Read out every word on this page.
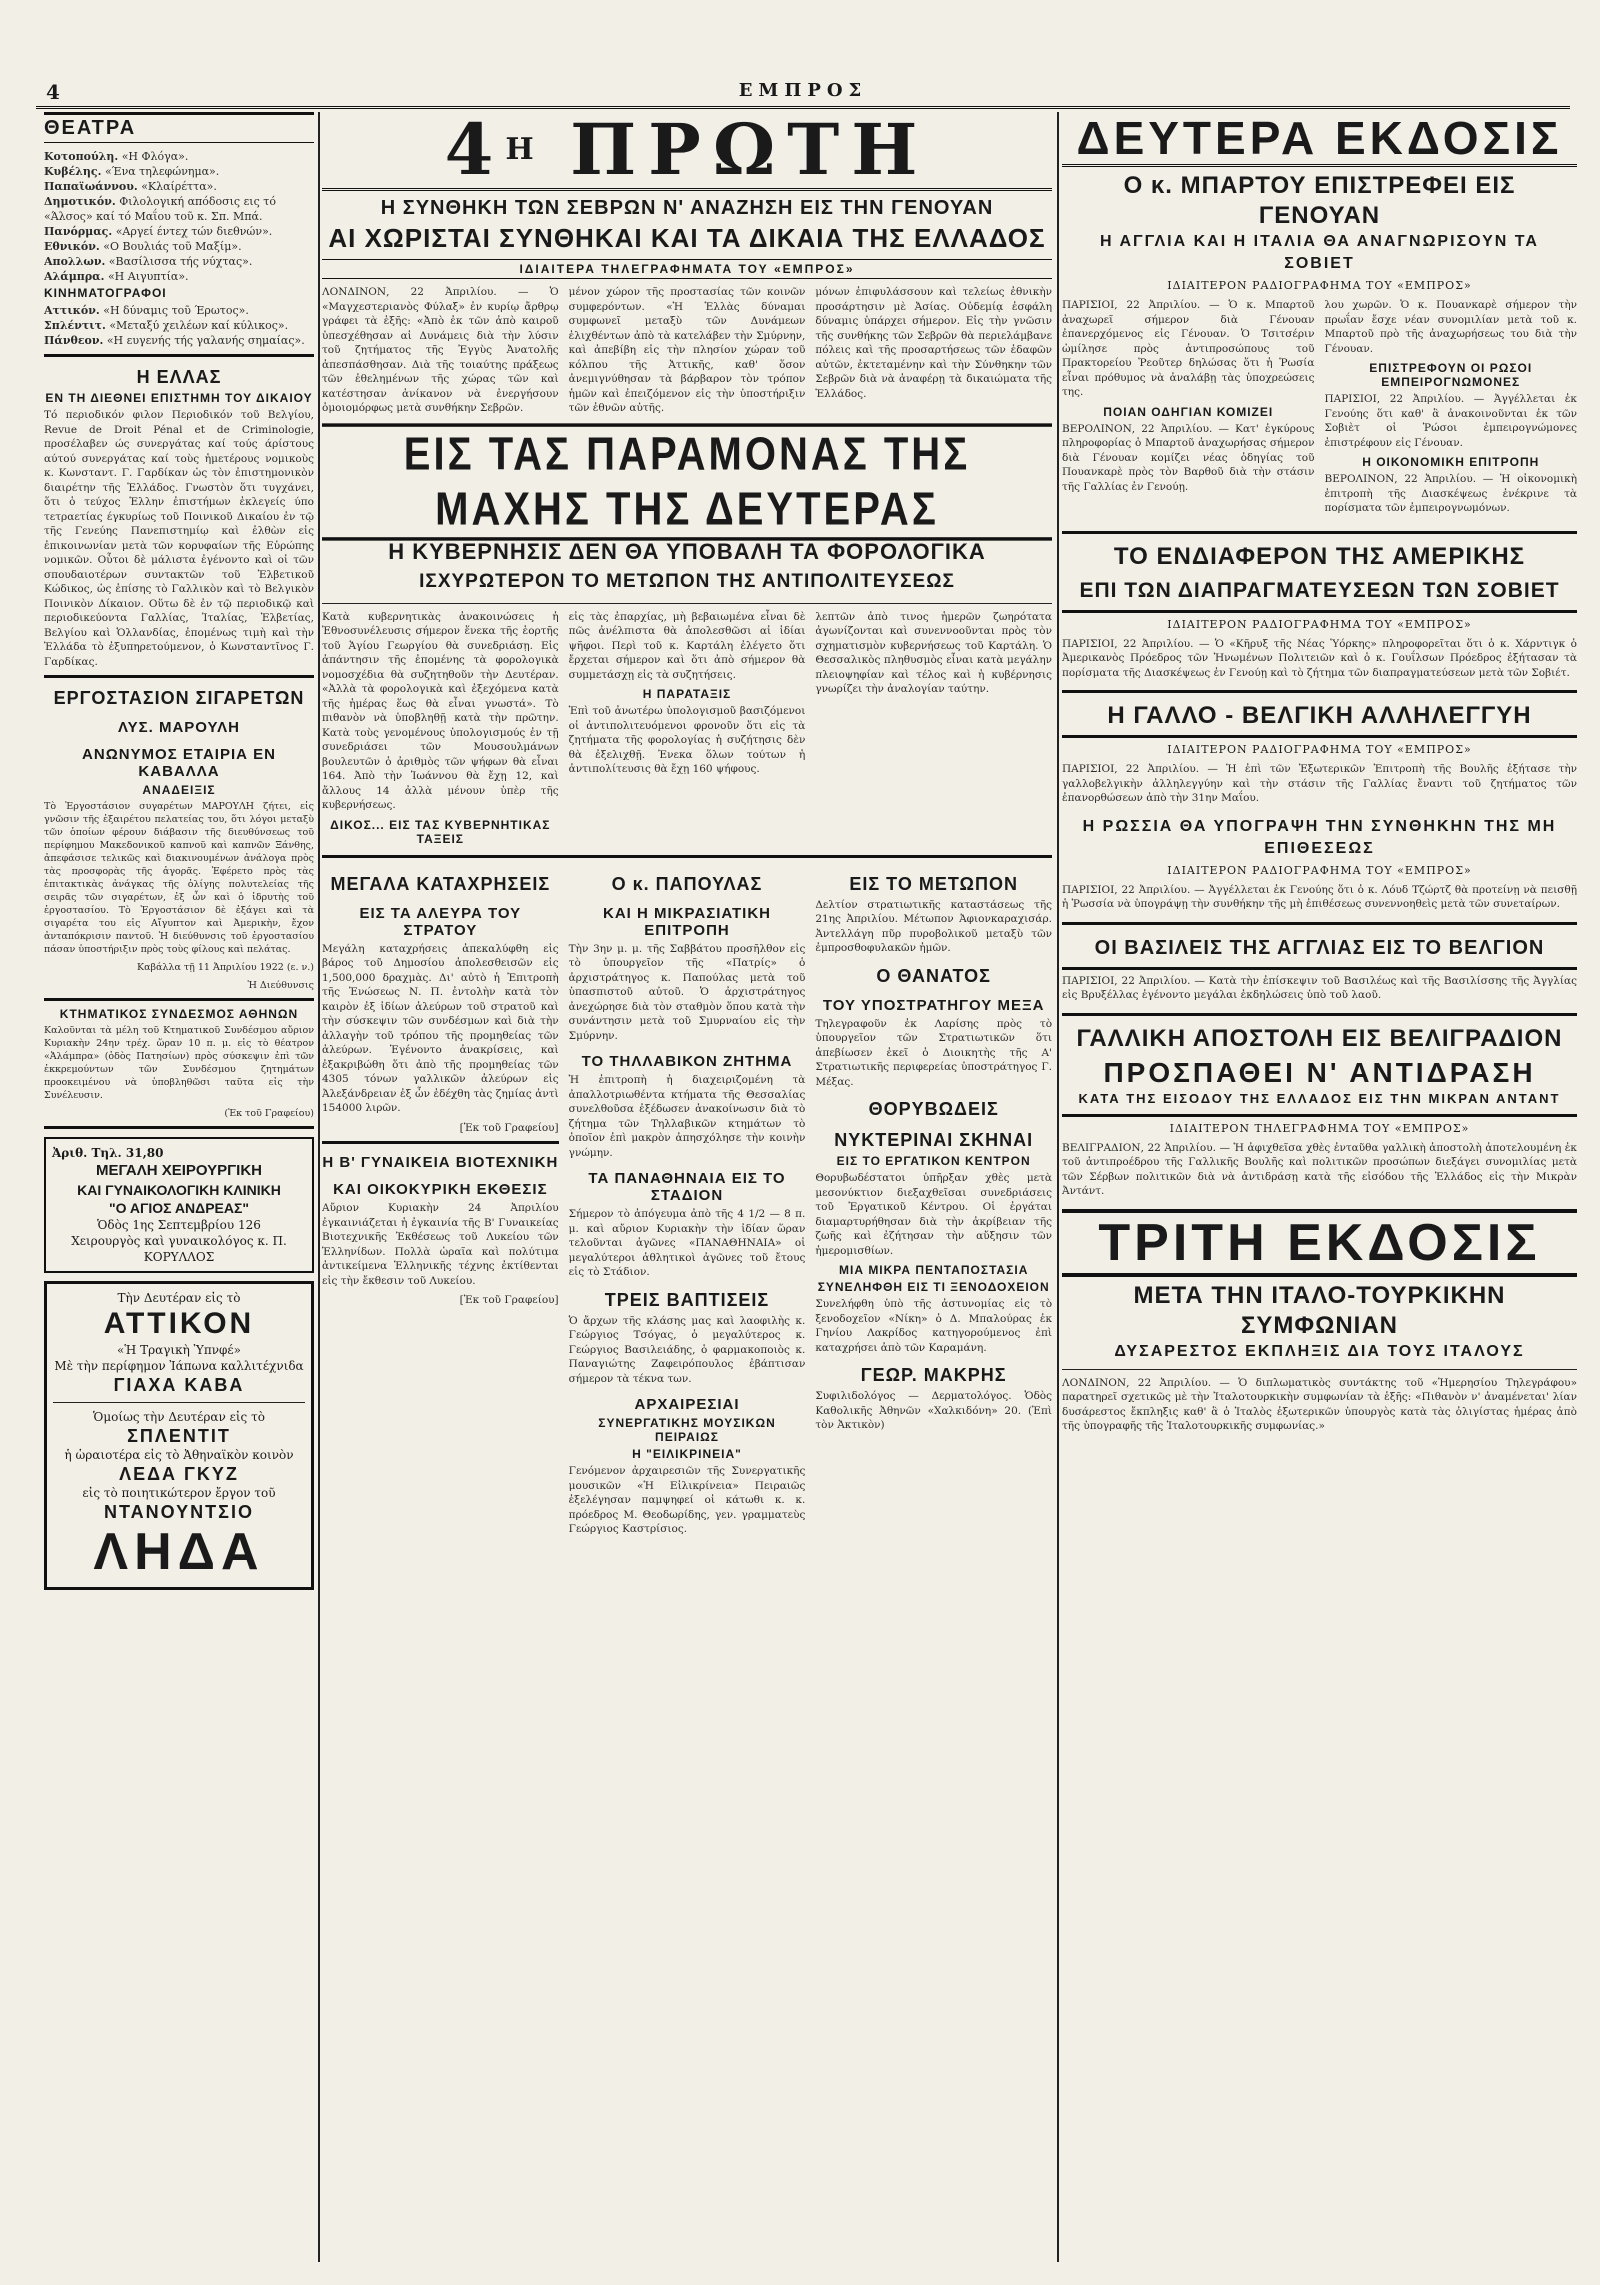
4	ΕΜΠΡΟΣ
ΘΕΑΤΡΑ
Κοτοπούλη. «Η Φλόγα».
Κυβέλης. «Ένα τηλεφώνημα».
Παπαϊωάννου. «Κλαίρέττα».
Δημοτικόν. Φιλολογική απόδοσις εις τό «Άλσος» καί τό Μαΐου τοῦ κ. Σπ. Μπά.
Πανόρμας. «Αργεί έντεχ τών διεθνών».
Εθνικόν. «Ο Βουλιάς τοῦ Μαξίμ».
Απολλων. «Βασίλισσα τής νύχτας».
Αλάμπρα. «Η Αιγυπτία».
ΚΙΝΗΜΑΤΟΓΡΑΦΟΙ
Αττικόν. «Η δύναμις τοῦ Έρωτος».
Σπλέντιτ. «Μεταξύ χειλέων καί κύλικος».
Πάνθεον. «Η ευγενής τής γαλανής σημαίας».
Η ΕΛΛΑΣ
ΕΝ ΤΗ ΔΙΕΘΝΕΙ ΕΠΙΣΤΗΜΗ ΤΟΥ ΔΙΚΑΙΟΥ

Τό περιοδικόν φιλον Περιοδικόν τοῦ Βελγίου, Revue de Droit Pénal et de Criminologie, προσέλαβεν ώς συνεργάτας καί τούς άρίστους αύτού συνεργάτας καί τοὺς ἡμετέρους νομικοὺς κ. Κωνσταντ. Γ. Γαρδίκαν ὡς τὸν ἐπιστημονικὸν διαιρέτην τῆς Ἑλλάδος. Γνωστὸν ὅτι τυγχάνει, ὅτι ὁ τεύχος Ἑλλην ἐπιστήμων ἐκλεγείς ύπο τετραετίας έγκυρίως τοῦ Ποινικοῦ Δικαίου ἐν τῷ τῆς Γενεύης Πανεπιστημίῳ καὶ ἐλθὼν εἰς ἐπικοινωνίαν μετὰ τῶν κορυφαίων τῆς Εὐρώπης νομικῶν. Οὗτοι δὲ μάλιστα ἐγένοντο καὶ οἱ τῶν σπουδαιοτέρων συντακτῶν τοῦ Ἑλβετικοῦ Κώδικος, ὡς ἐπίσης τὸ Γαλλικὸν καὶ τὸ Βελγικὸν Ποινικὸν Δίκαιον. Οὕτω δὲ ἐν τῷ περιοδικῷ καὶ περιοδικεύοντα Γαλλίας, Ἰταλίας, Ἑλβετίας, Βελγίου καὶ Ὁλλανδίας, ἐπομένως τιμὴ καὶ τὴν Ἑλλάδα τὸ ἐξυπηρετούμενον, ὁ Κωνσταντῖνος Γ. Γαρδίκας.

ΕΡΓΟΣΤΑΣΙΟΝ ΣΙΓΑΡΕΤΩΝ
ΛΥΣ. ΜΑΡΟΥΛΗ
ΑΝΩΝΥΜΟΣ ΕΤΑΙΡΙΑ ΕΝ ΚΑΒΑΛΛΑ
ΑΝΑΔΕΙΞΙΣ

Τὸ Ἐργοστάσιον συγαρέτων ΜΑΡΟΥΛΗ ζήτει, εἰς γνῶσιν τῆς ἐξαιρέτου πελατείας του, ὅτι λόγοι μεταξὺ τῶν ὁποίων φέρουν διάβασιν τῆς διευθύνσεως τοῦ περίφημου Μακεδονικοῦ καπνοῦ καὶ καπνῶν Ξάνθης, ἀπεφάσισε τελικῶς καὶ διακινουμένων ἀνάλογα πρὸς τὰς προσφορὰς τῆς ἀγορᾶς. Ἐφέρετο πρὸς τὰς ἐπιτακτικὰς ἀνάγκας τῆς ὀλίγης πολυτελείας τῆς σειρᾶς τῶν σιγαρέτων, ἐξ ὧν καὶ ὁ ἱδρυτὴς τοῦ ἐργοστασίου. Τὸ Ἐργοστάσιον δὲ ἐξάγει καὶ τὰ σιγαρέτα του εἰς Αἴγυπτον καὶ Ἀμερικὴν, ἔχον ἀνταπόκρισιν παντοῦ. Ἡ διεύθυνσις τοῦ ἐργοστασίου πάσαν ὑποστήριξιν πρὸς τοὺς φίλους καὶ πελάτας.

Καβάλλα τῇ 11 Ἀπριλίου 1922 (ε. ν.)

Ἡ Διεύθυνσις

ΚΤΗΜΑΤΙΚΟΣ ΣΥΝΔΕΣΜΟΣ ΑΘΗΝΩΝ

Καλοῦνται τὰ μέλη τοῦ Κτηματικοῦ Συνδέσμου αὔριον Κυριακὴν 24ην τρέχ. ὥραν 10 π. μ. εἰς τὸ θέατρον «Ἀλάμπρα» (ὁδὸς Πατησίων) πρὸς σύσκεψιν ἐπὶ τῶν ἐκκρεμούντων τῶν Συνδέσμου ζητημάτων προοκειμένου νὰ ὑποβληθῶσι ταῦτα εἰς τὴν Συνέλευσιν.

(Ἐκ τοῦ Γραφείου)

Ἀριθ. Τηλ. 31,80
ΜΕΓΑΛΗ ΧΕΙΡΟΥΡΓΙΚΗ
ΚΑΙ ΓΥΝΑΙΚΟΛΟΓΙΚΗ ΚΛΙΝΙΚΗ
"Ο ΑΓΙΟΣ ΑΝΔΡΕΑΣ"
Ὁδὸς 1ης Σεπτεμβρίου 126
Χειρουργὸς καὶ γυναικολόγος κ. Π. ΚΟΡΥΛΛΟΣ
Τὴν Δευτέραν εἰς τὸ
ΑΤΤΙΚΟΝ
«Ἡ Τραγικὴ Ὑπνφέ»
Μὲ τὴν περίφημον Ἰάπωνα καλλιτέχνιδα
ΓΙΑΧΑ ΚΑΒΑ
Ὁμοίως τὴν Δευτέραν εἰς τὸ
ΣΠΛΕΝΤΙΤ
ἡ ὡραιοτέρα εἰς τὸ Ἀθηναϊκὸν κοινὸν
ΛΕΔΑ ΓΚΥΖ
εἰς τὸ ποιητικώτερον ἔργον τοῦ
ΝΤΑΝΟΥΝΤΣΙΟ
ΛΗΔΑ
$4^H$ ΠΡΩΤΗ
Η ΣΥΝΘΗΚΗ ΤΩΝ ΣΕΒΡΩΝ Ν' ΑΝΑΖΗΣΗ ΕΙΣ ΤΗΝ ΓΕΝΟΥΑΝ
ΑΙ ΧΩΡΙΣΤΑΙ ΣΥΝΘΗΚΑΙ ΚΑΙ ΤΑ ΔΙΚΑΙΑ ΤΗΣ ΕΛΛΑΔΟΣ
ΙΔΙΑΙΤΕΡΑ ΤΗΛΕΓΡΑΦΗΜΑΤΑ ΤΟΥ «ΕΜΠΡΟΣ»

ΛΟΝΔΙΝΟΝ, 22 Ἀπριλίου. — Ὁ «Μαγχεστεριανὸς Φύλαξ» ἐν κυρίῳ ἄρθρῳ γράφει τὰ ἑξῆς: «Ἀπὸ ἐκ τῶν ἀπὸ καιροῦ ὑπεσχέθησαν αἱ Δυνάμεις διὰ τὴν λύσιν τοῦ ζητήματος τῆς Ἐγγὺς Ἀνατολῆς ἀπεσπάσθησαν. Διὰ τῆς τοιαύτης πράξεως τῶν ἐθελημένων τῆς χώρας τῶν καὶ κατέστησαν ἀνίκανον νὰ ἐνεργήσουν ὁμοιομόρφως μετὰ συνθήκην Σεβρῶν.

μένον χώρον τῆς προστασίας τῶν κοινῶν συμφερόντων. «Ἡ Ἑλλὰς δύναμαι συμφωνεῖ μεταξὺ τῶν Δυνάμεων ἐλιχθέντων ἀπὸ τὰ κατελάβεν τὴν Σμύρνην, καὶ ἀπεβίβη εἰς τὴν πλησίον χώραν τοῦ κόλπου τῆς Ἀττικῆς, καθ' ὅσον ἀνεμιγνύθησαν τὰ βάρβαρον τὸν τρόπον ἡμῶν καὶ ἐπειζόμενον εἰς τὴν ὑποστήριξιν τῶν ἐθνῶν αὐτῆς.

μόνων ἐπιφυλάσσουν καὶ τελείως ἐθνικὴν προσάρτησιν μὲ Ἀσίας. Οὐδεμίᾳ ἐσφάλη δύναμις ὑπάρχει σήμερον. Εἰς τὴν γνῶσιν τῆς συνθήκης τῶν Σεβρῶν θὰ περιελάμβανε πόλεις καὶ τῆς προσαρτήσεως τῶν ἐδαφῶν αὐτῶν, ἐκτεταμένην καὶ τὴν Σύνθηκην τῶν Σεβρῶν διὰ νὰ ἀναφέρῃ τὰ δικαιώματα τῆς Ἑλλάδος.

ΕΙΣ ΤΑΣ ΠΑΡΑΜΟΝΑΣ ΤΗΣ ΜΑΧΗΣ ΤΗΣ ΔΕΥΤΕΡΑΣ
Η ΚΥΒΕΡΝΗΣΙΣ ΔΕΝ ΘΑ ΥΠΟΒΑΛΗ ΤΑ ΦΟΡΟΛΟΓΙΚΑ
ΙΣΧΥΡΩΤΕΡΟΝ ΤΟ ΜΕΤΩΠΟΝ ΤΗΣ ΑΝΤΙΠΟΛΙΤΕΥΣΕΩΣ

Κατὰ κυβερνητικὰς ἀνακοινώσεις ἡ Ἐθνοσυνέλευσις σήμερον ἕνεκα τῆς ἑορτῆς τοῦ Ἁγίου Γεωργίου θὰ συνεδριάσῃ. Εἰς ἀπάντησιν τῆς ἐπομένης τὰ φορολογικὰ νομοσχέδια θὰ συζητηθοῦν τὴν Δευτέραν. «Ἀλλὰ τὰ φορολογικὰ καὶ ἐξεχόμενα κατὰ τῆς ἡμέρας ἕως θὰ εἶναι γνωστά». Τὸ πιθανὸν νὰ ὑποβληθῇ κατὰ τὴν πρῶτην. Κατὰ τοὺς γενομένους ὑπολογισμούς ἐν τῇ συνεδριάσει τῶν Μουσουλμάνων βουλευτῶν ὁ ἀριθμὸς τῶν ψήφων θὰ εἶναι 164. Ἀπὸ τὴν Ἰωάννου θὰ ἔχῃ 12, καὶ ἄλλους 14 ἀλλὰ μένουν ὑπὲρ τῆς κυβερνήσεως.

ΔΙΚΟΣ... ΕΙΣ ΤΑΣ ΚΥΒΕΡΝΗΤΙΚΑΣ ΤΑΞΕΙΣ

εἰς τὰς ἐπαρχίας, μὴ βεβαιωμένα εἶναι δὲ πῶς ἀνέλπιστα θὰ ἀπολεσθῶσι αἱ ἰδίαι ψῆφοι. Περὶ τοῦ κ. Καρτάλη ἐλέγετο ὅτι ἔρχεται σήμερον καὶ ὅτι ἀπὸ σήμερον θὰ συμμετάσχῃ εἰς τὰ συζητήσεις.

Η ΠΑΡΑΤΑΞΙΣ

Ἐπὶ τοῦ ἀνωτέρω ὑπολογισμοῦ βασιζόμενοι οἱ ἀντιπολιτευόμενοι φρονοῦν ὅτι εἰς τὰ ζητήματα τῆς φορολογίας ἡ συζήτησις δὲν θὰ ἐξελιχθῇ. Ἐνεκα ὅλων τούτων ἡ ἀντιπολίτευσις θὰ ἔχῃ 160 ψήφους.

λεπτῶν ἀπὸ τινος ἡμερῶν ζωηρότατα ἀγωνίζονται καὶ συνεννοοῦνται πρὸς τὸν σχηματισμὸν κυβερνήσεως τοῦ Καρτάλη. Ὁ Θεσσαλικὸς πληθυσμὸς εἶναι κατὰ μεγάλην πλειοψηφίαν καὶ τέλος καὶ ἡ κυβέρνησις γνωρίζει τὴν ἀναλογίαν ταύτην.

ΜΕΓΑΛΑ ΚΑΤΑΧΡΗΣΕΙΣ
ΕΙΣ ΤΑ ΑΛΕΥΡΑ ΤΟΥ ΣΤΡΑΤΟΥ

Μεγάλη καταχρήσεις ἀπεκαλύφθη εἰς βάρος τοῦ Δημοσίου ἀπολεσθεισῶν εἰς 1,500,000 δραχμὰς. Δι' αὐτὸ ἡ Ἐπιτροπὴ τῆς Ἐνώσεως Ν. Π. ἐντολὴν κατὰ τὸν καιρὸν ἐξ ἰδίων ἀλεύρων τοῦ στρατοῦ καὶ τὴν σύσκεψιν τῶν συνδέσμων καὶ διὰ τὴν ἀλλαγὴν τοῦ τρόπου τῆς προμηθείας τῶν ἀλεύρων. Ἐγένοντο ἀνακρίσεις, καὶ ἐξακριβώθη ὅτι ἀπὸ τῆς προμηθείας τῶν 4305 τόνων γαλλικῶν ἀλεύρων εἰς Ἀλεξάνδρειαν ἐξ ὧν ἐδέχθη τὰς ζημίας ἀντὶ 154000 λιρῶν.

[Ἐκ τοῦ Γραφείου]

Η Β' ΓΥΝΑΙΚΕΙΑ ΒΙΟΤΕΧΝΙΚΗ
ΚΑΙ ΟΙΚΟΚΥΡΙΚΗ ΕΚΘΕΣΙΣ

Αὔριον Κυριακὴν 24 Ἀπριλίου ἐγκαινιάζεται ἡ ἐγκαινία τῆς Β' Γυναικείας Βιοτεχνικῆς Ἐκθέσεως τοῦ Λυκείου τῶν Ἑλληνίδων. Πολλὰ ὡραῖα καὶ πολύτιμα ἀντικείμενα Ἑλληνικῆς τέχνης ἐκτίθενται εἰς τὴν ἔκθεσιν τοῦ Λυκείου.

[Ἐκ τοῦ Γραφείου]

Ο κ. ΠΑΠΟΥΛΑΣ
ΚΑΙ Η ΜΙΚΡΑΣΙΑΤΙΚΗ ΕΠΙΤΡΟΠΗ

Τὴν 3ην μ. μ. τῆς Σαββάτου προσῆλθον εἰς τὸ ὑπουργεῖον τῆς «Πατρίς» ὁ ἀρχιστράτηγος κ. Παπούλας μετὰ τοῦ ὑπασπιστοῦ αὐτοῦ. Ὁ ἀρχιστράτηγος ἀνεχώρησε διὰ τὸν σταθμὸν ὅπου κατὰ τὴν συνάντησιν μετὰ τοῦ Σμυρναίου εἰς τὴν Σμύρνην.

ΤΟ ΤΗΛΛΑΒΙΚΟΝ ΖΗΤΗΜΑ

Ἡ ἐπιτροπὴ ἡ διαχειριζομένη τὰ ἀπαλλοτριωθέντα κτήματα τῆς Θεσσαλίας συνελθοῦσα ἐξέδωσεν ἀνακοίνωσιν διὰ τὸ ζήτημα τῶν Τηλλαβικῶν κτημάτων τὸ ὁποῖον ἐπὶ μακρὸν ἀπησχόλησε τὴν κοινὴν γνώμην.

ΤΑ ΠΑΝΑΘΗΝΑΙΑ ΕΙΣ ΤΟ ΣΤΑΔΙΟΝ

Σήμερον τὸ ἀπόγευμα ἀπὸ τῆς 4 1/2 — 8 π. μ. καὶ αὔριον Κυριακὴν τὴν ἰδίαν ὥραν τελοῦνται ἀγῶνες «ΠΑΝΑΘΗΝΑΙΑ» οἱ μεγαλύτεροι ἀθλητικοὶ ἀγῶνες τοῦ ἔτους εἰς τὸ Στάδιον.

ΤΡΕΙΣ ΒΑΠΤΙΣΕΙΣ

Ὁ ἄρχων τῆς κλάσης μας καὶ λαοφιλὴς κ. Γεώργιος Τσόγας, ὁ μεγαλύτερος κ. Γεώργιος Βασιλειάδης, ὁ φαρμακοποιὸς κ. Παναγιώτης Ζαφειρόπουλος ἐβάπτισαν σήμερον τὰ τέκνα των.

ΑΡΧΑΙΡΕΣΙΑΙ
ΣΥΝΕΡΓΑΤΙΚΗΣ ΜΟΥΣΙΚΩΝ ΠΕΙΡΑΙΩΣ
Η "ΕΙΛΙΚΡΙΝΕΙΑ"

Γενόμενον ἀρχαιρεσιῶν τῆς Συνεργατικῆς μουσικῶν «Ἡ Εἰλικρίνεια» Πειραιῶς ἐξελέγησαν παμψηφεί οἱ κάτωθι κ. κ. πρόεδρος Μ. Θεοδωρίδης, γεν. γραμματεὺς Γεώργιος Καστρίσιος.

ΕΙΣ ΤΟ ΜΕΤΩΠΟΝ

Δελτίον στρατιωτικῆς καταστάσεως τῆς 21ης Ἀπριλίου. Μέτωπον Ἀφιονκαραχισάρ. Ἀντελλάγη πῦρ πυροβολικοῦ μεταξὺ τῶν ἐμπροσθοφυλακῶν ἡμῶν.

Ο ΘΑΝΑΤΟΣ
ΤΟΥ ΥΠΟΣΤΡΑΤΗΓΟΥ ΜΕΞΑ

Τηλεγραφοῦν ἐκ Λαρίσης πρὸς τὸ ὑπουργεῖον τῶν Στρατιωτικῶν ὅτι ἀπεβίωσεν ἐκεῖ ὁ Διοικητὴς τῆς Α' Στρατιωτικῆς περιφερείας ὑποστράτηγος Γ. Μέξας.

ΘΟΡΥΒΩΔΕΙΣ
ΝΥΚΤΕΡΙΝΑΙ ΣΚΗΝΑΙ
ΕΙΣ ΤΟ ΕΡΓΑΤΙΚΟΝ ΚΕΝΤΡΟΝ

Θορυβωδέστατοι ὑπῆρξαν χθὲς μετὰ μεσονύκτιον διεξαχθεῖσαι συνεδριάσεις τοῦ Ἐργατικοῦ Κέντρου. Οἱ ἐργάται διαμαρτυρήθησαν διὰ τὴν ἀκρίβειαν τῆς ζωῆς καὶ ἐζήτησαν τὴν αὔξησιν τῶν ἡμερομισθίων.

ΜΙΑ ΜΙΚΡΑ ΠΕΝΤΑΠΟΣΤΑΣΙΑ
ΣΥΝΕΛΗΦΘΗ ΕΙΣ ΤΙ ΞΕΝΟΔΟΧΕΙΟΝ

Συνελήφθη ὑπὸ τῆς ἀστυνομίας εἰς τὸ ξενοδοχεῖον «Νίκη» ὁ Δ. Μπαλούρας ἐκ Γηνίου Λακρίδος κατηγορούμενος ἐπὶ καταχρήσει ἀπὸ τῶν Καραμάνη.

ΓΕΩΡ. ΜΑΚΡΗΣ

Συφιλιδολόγος — Δερματολόγος. Ὁδὸς Καθολικῆς Ἀθηνῶν «Χαλκιδόνη» 20. (Ἐπὶ τὸν Ἀκτικὸν)

ΔΕΥΤΕΡΑ ΕΚΔΟΣΙΣ
Ο κ. ΜΠΑΡΤΟΥ ΕΠΙΣΤΡΕΦΕΙ ΕΙΣ ΓΕΝΟΥΑΝ
Η ΑΓΓΛΙΑ ΚΑΙ Η ΙΤΑΛΙΑ ΘΑ ΑΝΑΓΝΩΡΙΣΟΥΝ ΤΑ ΣΟΒΙΕΤ
ΙΔΙΑΙΤΕΡΟΝ ΡΑΔΙΟΓΡΑΦΗΜΑ ΤΟΥ «ΕΜΠΡΟΣ»

ΠΑΡΙΣΙΟΙ, 22 Ἀπριλίου. — Ὁ κ. Μπαρτοῦ ἀναχωρεῖ σήμερον διὰ Γένουαν ἐπανερχόμενος εἰς Γένουαν. Ὁ Τσιτσέριν ὡμίλησε πρὸς ἀντιπροσώπους τοῦ Πρακτορείου Ῥεοῦτερ δηλώσας ὅτι ἡ Ῥωσία εἶναι πρόθυμος νὰ ἀναλάβῃ τὰς ὑποχρεώσεις της.

ΠΟΙΑΝ ΟΔΗΓΙΑΝ ΚΟΜΙΖΕΙ

ΒΕΡΟΛΙΝΟΝ, 22 Ἀπριλίου. — Κατ' ἐγκύρους πληροφορίας ὁ Μπαρτοῦ ἀναχωρήσας σήμερον διὰ Γένουαν κομίζει νέας ὁδηγίας τοῦ Πουανκαρὲ πρὸς τὸν Βαρθοῦ διὰ τὴν στάσιν τῆς Γαλλίας ἐν Γενούῃ.

λου χωρῶν. Ὁ κ. Πουανκαρὲ σήμερον τὴν πρωΐαν ἔσχε νέαν συνομιλίαν μετὰ τοῦ κ. Μπαρτοῦ πρὸ τῆς ἀναχωρήσεως του διὰ τὴν Γένουαν.

ΕΠΙΣΤΡΕΦΟΥΝ ΟΙ ΡΩΣΟΙ ΕΜΠΕΙΡΟΓΝΩΜΟΝΕΣ

ΠΑΡΙΣΙΟΙ, 22 Ἀπριλίου. — Ἀγγέλλεται ἐκ Γενούης ὅτι καθ' ἃ ἀνακοινοῦνται ἐκ τῶν Σοβιὲτ οἱ Ῥώσοι ἐμπειρογνώμονες ἐπιστρέφουν εἰς Γένουαν.

Η ΟΙΚΟΝΟΜΙΚΗ ΕΠΙΤΡΟΠΗ

ΒΕΡΟΛΙΝΟΝ, 22 Ἀπριλίου. — Ἡ οἰκονομικὴ ἐπιτροπὴ τῆς Διασκέψεως ἐνέκρινε τὰ πορίσματα τῶν ἐμπειρογνωμόνων.

ΤΟ ΕΝΔΙΑΦΕΡΟΝ ΤΗΣ ΑΜΕΡΙΚΗΣ
ΕΠΙ ΤΩΝ ΔΙΑΠΡΑΓΜΑΤΕΥΣΕΩΝ ΤΩΝ ΣΟΒΙΕΤ
ΙΔΙΑΙΤΕΡΟΝ ΡΑΔΙΟΓΡΑΦΗΜΑ ΤΟΥ «ΕΜΠΡΟΣ»

ΠΑΡΙΣΙΟΙ, 22 Ἀπριλίου. — Ὁ «Κῆρυξ τῆς Νέας Ὑόρκης» πληροφορεῖται ὅτι ὁ κ. Χάρντιγκ ὁ Ἀμερικανὸς Πρόεδρος τῶν Ἡνωμένων Πολιτειῶν καὶ ὁ κ. Γουΐλσων Πρόεδρος ἐξήτασαν τὰ πορίσματα τῆς Διασκέψεως ἐν Γενούῃ καὶ τὸ ζήτημα τῶν διαπραγματεύσεων μετὰ τῶν Σοβιέτ.

Η ΓΑΛΛΟ - ΒΕΛΓΙΚΗ ΑΛΛΗΛΕΓΓΥΗ
ΙΔΙΑΙΤΕΡΟΝ ΡΑΔΙΟΓΡΑΦΗΜΑ ΤΟΥ «ΕΜΠΡΟΣ»

ΠΑΡΙΣΙΟΙ, 22 Ἀπριλίου. — Ἡ ἐπὶ τῶν Ἐξωτερικῶν Ἐπιτροπὴ τῆς Βουλῆς ἐξήτασε τὴν γαλλοβελγικὴν ἀλληλεγγύην καὶ τὴν στάσιν τῆς Γαλλίας ἔναντι τοῦ ζητήματος τῶν ἐπανορθώσεων ἀπὸ τὴν 31ην Μαΐου.

Η ΡΩΣΣΙΑ ΘΑ ΥΠΟΓΡΑΨΗ ΤΗΝ ΣΥΝΘΗΚΗΝ ΤΗΣ ΜΗ ΕΠΙΘΕΣΕΩΣ
ΙΔΙΑΙΤΕΡΟΝ ΡΑΔΙΟΓΡΑΦΗΜΑ ΤΟΥ «ΕΜΠΡΟΣ»

ΠΑΡΙΣΙΟΙ, 22 Ἀπριλίου. — Ἀγγέλλεται ἐκ Γενούης ὅτι ὁ κ. Λόυδ Τζώρτζ θὰ προτείνῃ νὰ πεισθῇ ἡ Ῥωσσία νὰ ὑπογράψῃ τὴν συνθήκην τῆς μὴ ἐπιθέσεως συνεννοηθεὶς μετὰ τῶν συνεταίρων.

ΟΙ ΒΑΣΙΛΕΙΣ ΤΗΣ ΑΓΓΛΙΑΣ ΕΙΣ ΤΟ ΒΕΛΓΙΟΝ

ΠΑΡΙΣΙΟΙ, 22 Ἀπριλίου. — Κατὰ τὴν ἐπίσκεψιν τοῦ Βασιλέως καὶ τῆς Βασιλίσσης τῆς Ἀγγλίας εἰς Βρυξέλλας ἐγένοντο μεγάλαι ἐκδηλώσεις ὑπὸ τοῦ λαοῦ.

ΓΑΛΛΙΚΗ ΑΠΟΣΤΟΛΗ ΕΙΣ ΒΕΛΙΓΡΑΔΙΟΝ
ΠΡΟΣΠΑΘΕΙ Ν' ΑΝΤΙΔΡΑΣΗ
ΚΑΤΑ ΤΗΣ ΕΙΣΟΔΟΥ ΤΗΣ ΕΛΛΑΔΟΣ ΕΙΣ ΤΗΝ ΜΙΚΡΑΝ ΑΝΤΑΝΤ
ΙΔΙΑΙΤΕΡΟΝ ΤΗΛΕΓΡΑΦΗΜΑ ΤΟΥ «ΕΜΠΡΟΣ»

ΒΕΛΙΓΡΑΔΙΟΝ, 22 Ἀπριλίου. — Ἡ ἀφιχθεῖσα χθὲς ἐνταῦθα γαλλικὴ ἀποστολὴ ἀποτελουμένη ἐκ τοῦ ἀντιπροέδρου τῆς Γαλλικῆς Βουλῆς καὶ πολιτικῶν προσώπων διεξάγει συνομιλίας μετὰ τῶν Σέρβων πολιτικῶν διὰ νὰ ἀντιδράσῃ κατὰ τῆς εἰσόδου τῆς Ἑλλάδος εἰς τὴν Μικρὰν Ἀντάντ.

ΤΡΙΤΗ ΕΚΔΟΣΙΣ
ΜΕΤΑ ΤΗΝ ΙΤΑΛΟ-ΤΟΥΡΚΙΚΗΝ ΣΥΜΦΩΝΙΑΝ
ΔΥΣΑΡΕΣΤΟΣ ΕΚΠΛΗΞΙΣ ΔΙΑ ΤΟΥΣ ΙΤΑΛΟΥΣ

ΛΟΝΔΙΝΟΝ, 22 Ἀπριλίου. — Ὁ διπλωματικὸς συντάκτης τοῦ «Ἡμερησίου Τηλεγράφου» παρατηρεῖ σχετικῶς μὲ τὴν Ἰταλοτουρκικὴν συμφωνίαν τὰ ἑξῆς: «Πιθανὸν ν' ἀναμένεται' λίαν δυσάρεστος ἔκπληξις καθ' ἃ ὁ Ἰταλὸς ἐξωτερικῶν ὑπουργὸς κατὰ τὰς ὀλιγίστας ἡμέρας ἀπὸ τῆς ὑπογραφῆς τῆς Ἰταλοτουρκικῆς συμφωνίας.»
